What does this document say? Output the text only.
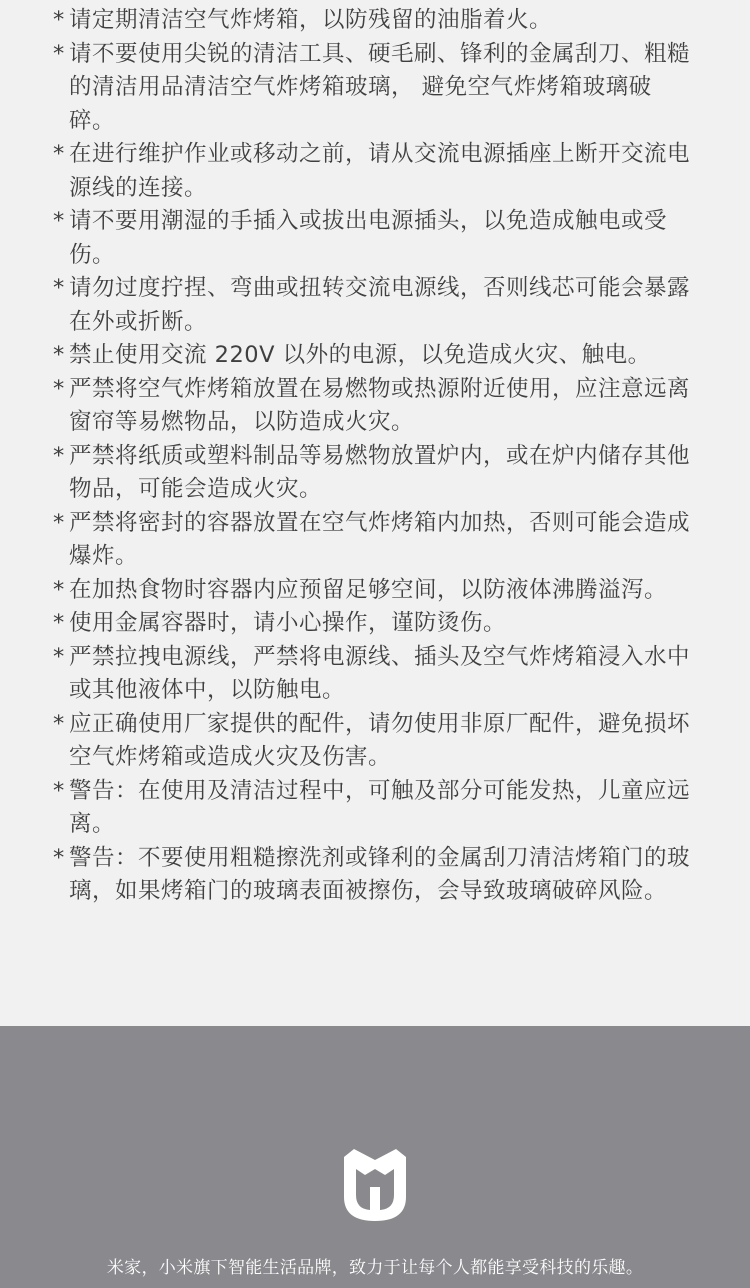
* 请定期清洁空气炸烤箱，以防残留的油脂着火。
* 请不要使用尖锐的清洁工具、硬毛刷、锋利的金属刮刀、粗糙的清洁用品清洁空气炸烤箱玻璃， 避免空气炸烤箱玻璃破碎。
* 在进行维护作业或移动之前，请从交流电源插座上断开交流电源线的连接。
* 请不要用潮湿的手插入或拔出电源插头，以免造成触电或受伤。
* 请勿过度拧捏、弯曲或扭转交流电源线，否则线芯可能会暴露在外或折断。
* 禁止使用交流 220V 以外的电源，以免造成火灾、触电。
* 严禁将空气炸烤箱放置在易燃物或热源附近使用，应注意远离窗帘等易燃物品，以防造成火灾。
* 严禁将纸质或塑料制品等易燃物放置炉内，或在炉内储存其他物品，可能会造成火灾。
* 严禁将密封的容器放置在空气炸烤箱内加热，否则可能会造成爆炸。
* 在加热食物时容器内应预留足够空间，以防液体沸腾溢泻。
* 使用金属容器时，请小心操作，谨防烫伤。
* 严禁拉拽电源线，严禁将电源线、插头及空气炸烤箱浸入水中或其他液体中，以防触电。
* 应正确使用厂家提供的配件，请勿使用非原厂配件，避免损坏空气炸烤箱或造成火灾及伤害。
* 警告：在使用及清洁过程中，可触及部分可能发热，儿童应远离。
* 警告：不要使用粗糙擦洗剂或锋利的金属刮刀清洁烤箱门的玻璃，如果烤箱门的玻璃表面被擦伤，会导致玻璃破碎风险。
米家，小米旗下智能生活品牌，致力于让每个人都能享受科技的乐趣。
